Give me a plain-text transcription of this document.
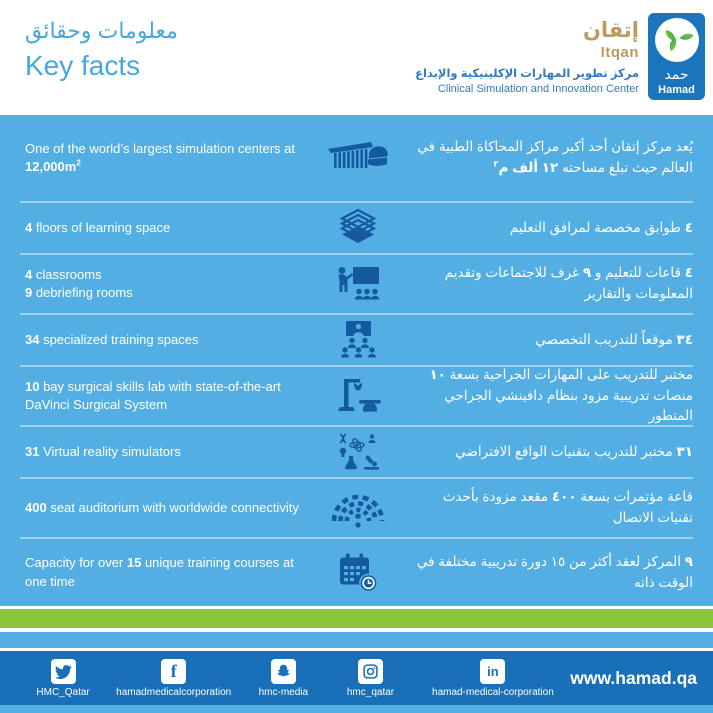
معلومات وحقائق
Key facts
إتقان
Itqan
مركز تطوير المهارات الإكلينيكية والإبداع
Clinical Simulation and Innovation Center
حمد
Hamad
One of the world’s largest simulation centers at
$12,000m^2$
يُعد مركز إتقان أحد أكبر مراكز المحاكاة الطبية في العالم حيث تبلغ مساحته ١٢ ألف م$^٢$
4 floors of learning space	٤ طوابق مخصصة لمرافق التعليم
4 classrooms
9 debriefing rooms
٤ قاعات للتعليم و ٩ غرف للاجتماعات وتقديم المعلومات والتقارير
34 specialized training spaces	٣٤ موقعاً للتدريب التخصصي
10 bay surgical skills lab with state-of-the-art DaVinci Surgical System
مختبر للتدريب على المهارات الجراحية بسعة ١٠ منصات تدريبية مزود بنظام دافينشي الجراحي المتطور
31 Virtual reality simulators	٣١ مختبر للتدريب بتقنيات الواقع الافتراضي
400 seat auditorium with worldwide connectivity
قاعة مؤتمرات بسعة ٤٠٠ مقعد مزودة بأحدث تقنيات الاتصال
Capacity for over 15 unique training courses at one time
٩ المركز لعقد أكثر من ١٥ دورة تدريبية مختلفة في الوقت ذاته
HMC_Qatar
f
hamadmedicalcorporation	hmc-media	hmc_qatar
in
hamad-medical-corporation
www.hamad.qa
